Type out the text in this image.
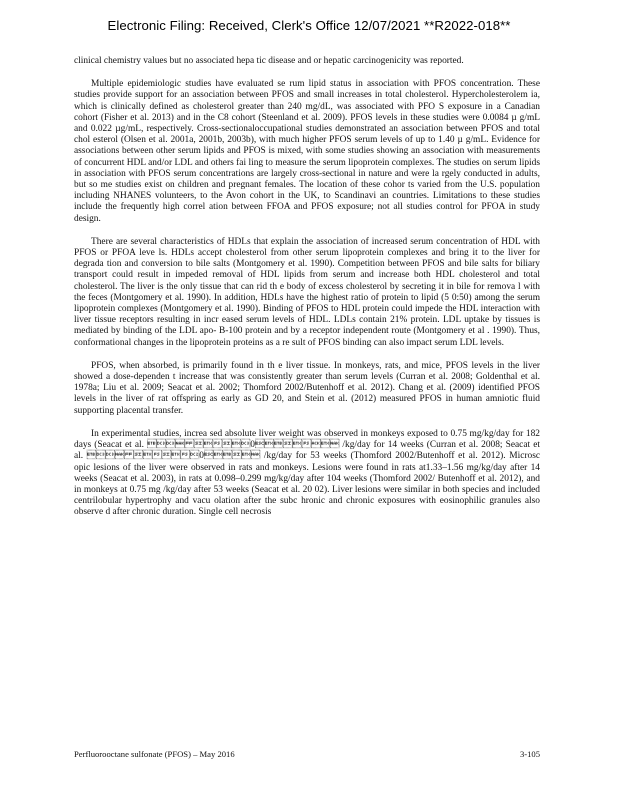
Electronic Filing: Received, Clerk's Office 12/07/2021 **R2022-018**

clinical chemistry values but no associated hepa tic disease and or hepatic carcinogenicity was reported.

Multiple epidemiologic studies have evaluated se rum lipid status in association with PFOS concentration. These studies provide support for an association between PFOS and small increases in total cholesterol. Hypercholesterolem ia, which is clinically defined as cholesterol greater than 240 mg/dL, was associated with PFO S exposure in a Canadian cohort (Fisher et al. 2013) and in the C8 cohort (Steenland et al. 2009). PFOS levels in these studies were 0.0084 µ g/mL and 0.022 µg/mL, respectively. Cross-sectionaloccupational studies demonstrated an association between PFOS and total chol esterol (Olsen et al. 2001a, 2001b, 2003b), with much higher PFOS serum levels of up to 1.40 µ g/mL. Evidence for associations between other serum lipids and PFOS is mixed, with some studies showing an association with measurements of concurrent HDL and/or LDL and others fai ling to measure the serum lipoprotein complexes. The studies on serum lipids in association with PFOS serum concentrations are largely cross-sectional in nature and were la rgely conducted in adults, but so me studies exist on children and pregnant females. The location of these cohor ts varied from the U.S. population including NHANES volunteers, to the Avon cohort in the UK, to Scandinavi an countries. Limitations to these studies include the frequently high correl ation between FFOA and PFOS exposure; not all studies control for PFOA in study design.

There are several characteristics of HDLs that explain the association of increased serum concentration of HDL with PFOS or PFOA leve ls. HDLs accept cholesterol from other serum lipoprotein complexes and bring it to the liver for degrada tion and conversion to bile salts (Montgomery et al. 1990). Competition between PFOS and bile salts for biliary transport could result in impeded removal of HDL lipids from serum and increase both HDL cholesterol and total cholesterol. The liver is the only tissue that can rid th e body of excess cholesterol by secreting it in bile for remova l with the feces (Montgomery et al. 1990). In addition, HDLs have the highest ratio of protein to lipid (5 0:50) among the serum lipoprotein complexes (Montgomery et al. 1990). Binding of PFOS to HDL protein could impede the HDL interaction with liver tissue receptors resulting in incr eased serum levels of HDL. LDLs contain 21% protein. LDL uptake by tissues is mediated by binding of the LDL apo- B-100 protein and by a receptor independent route (Montgomery et al . 1990). Thus, conformational changes in the lipoprotein proteins as a re sult of PFOS binding can also impact serum LDL levels.

PFOS, when absorbed, is primarily found in th e liver tissue. In monkeys, rats, and mice, PFOS levels in the liver showed a dose-dependen t increase that was consistently greater than serum levels (Curran et al. 2008; Goldenthal et al. 1978a; Liu et al. 2009; Seacat et al. 2002; Thomford 2002/Butenhoff et al. 2012). Chang et al. (2009) identified PFOS levels in the liver of rat offspring as early as GD 20, and Stein et al. (2012) measured PFOS in human amniotic fluid supporting placental transfer.

In experimental studies, increa sed absolute liver weight was observed in monkeys exposed to 0.75 mg/kg/day for 182 days (Seacat et al. 0 /kg/day for 14 weeks (Curran et al. 2008; Seacat et al. 0 /kg/day for 53 weeks (Thomford 2002/Butenhoff et al. 2012). Microsc opic lesions of the liver were observed in rats and monkeys. Lesions were found in rats at1.33–1.56 mg/kg/day after 14 weeks (Seacat et al. 2003), in rats at 0.098–0.299 mg/kg/day after 104 weeks (Thomford 2002/ Butenhoff et al. 2012), and in monkeys at 0.75 mg /kg/day after 53 weeks (Seacat et al. 20 02). Liver lesions were similar in both species and included centrilobular hypertrophy and vacu olation after the subc hronic and chronic exposures with eosinophilic granules also observe d after chronic duration. Single cell necrosis

Perfluorooctane sulfonate (PFOS) – May 2016	3-105
